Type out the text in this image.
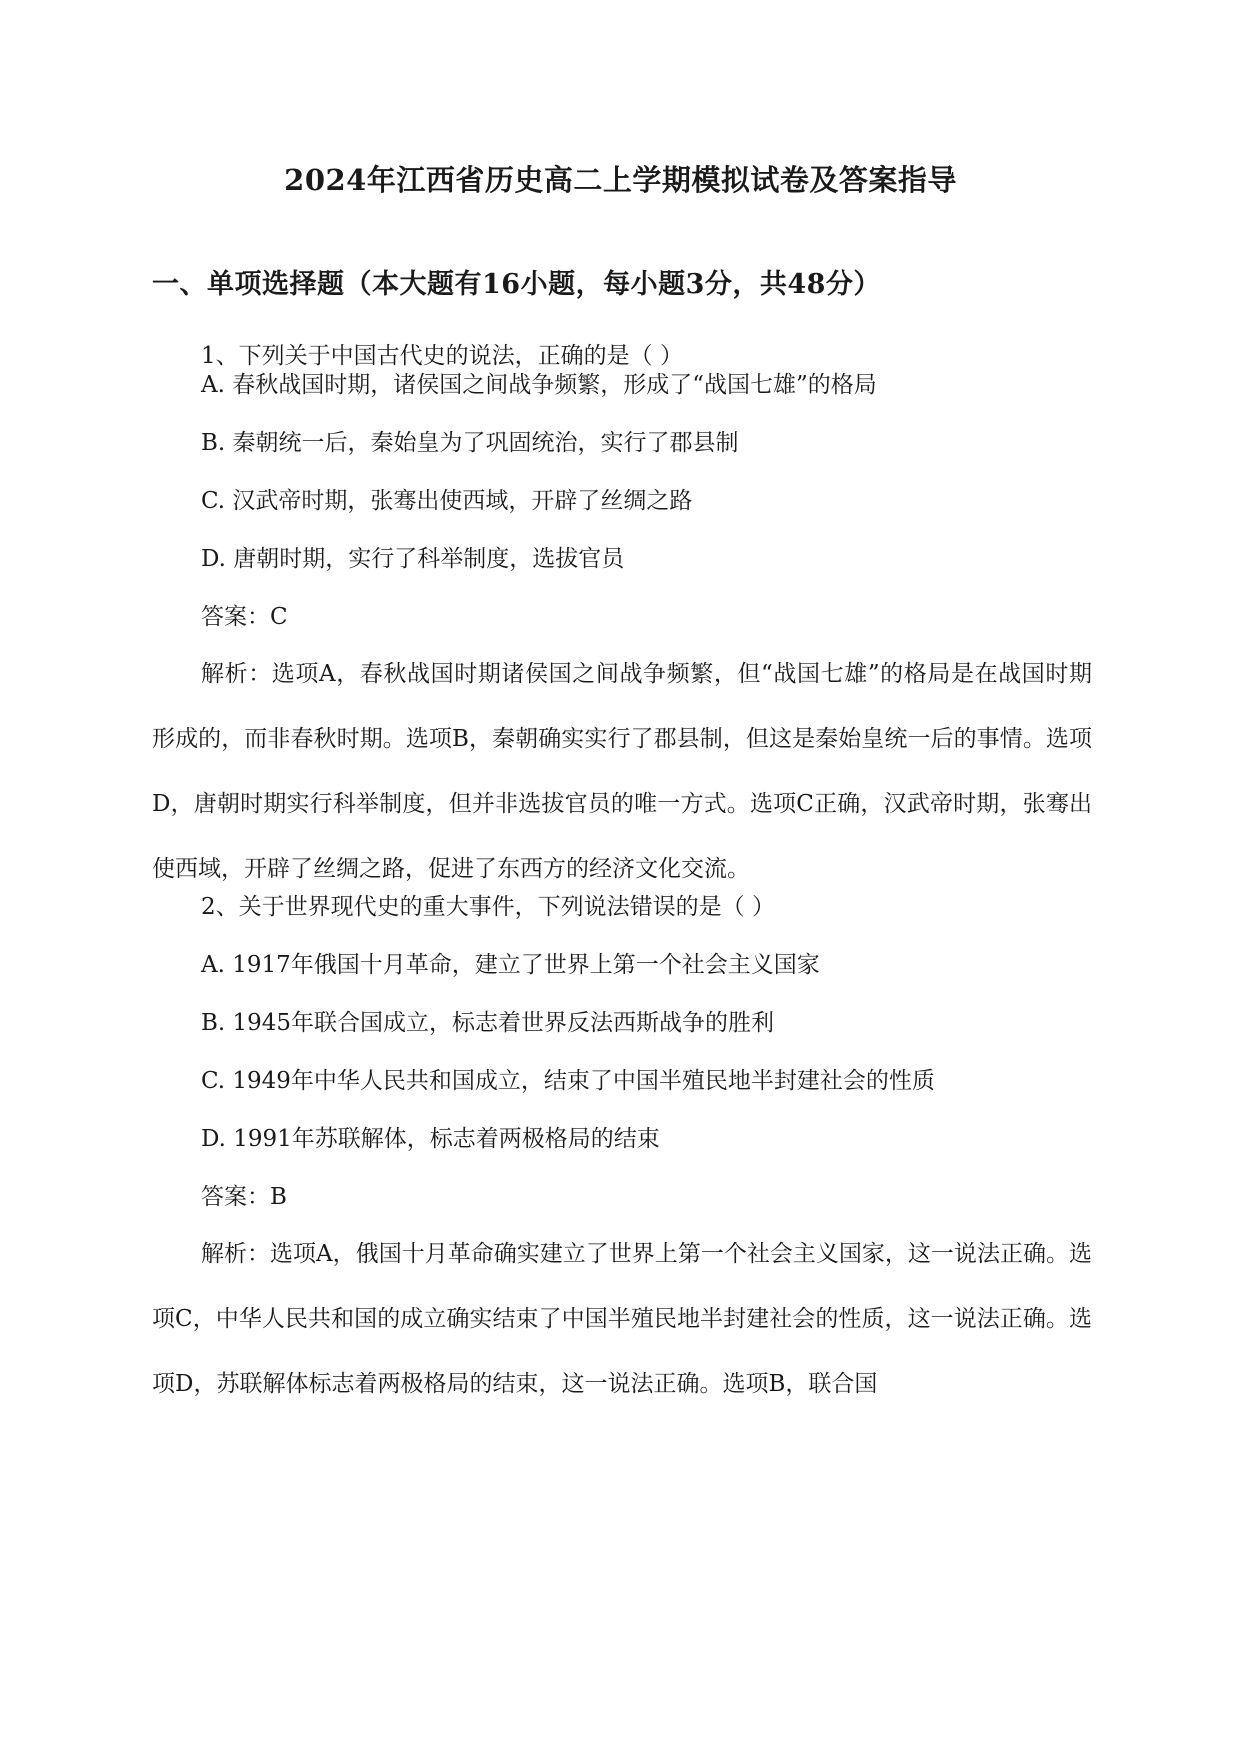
2024年江西省历史高二上学期模拟试卷及答案指导
一、单项选择题（本大题有16小题，每小题3分，共48分）
1、下列关于中国古代史的说法，正确的是（ ）
A. 春秋战国时期，诸侯国之间战争频繁，形成了“战国七雄”的格局
B. 秦朝统一后，秦始皇为了巩固统治，实行了郡县制
C. 汉武帝时期，张骞出使西域，开辟了丝绸之路
D. 唐朝时期，实行了科举制度，选拔官员
答案：C
解析：选项A，春秋战国时期诸侯国之间战争频繁，但“战国七雄”的格局是在战国时期形成的，而非春秋时期。选项B，秦朝确实实行了郡县制，但这是秦始皇统一后的事情。选项D，唐朝时期实行科举制度，但并非选拔官员的唯一方式。选项C正确，汉武帝时期，张骞出使西域，开辟了丝绸之路，促进了东西方的经济文化交流。
2、关于世界现代史的重大事件，下列说法错误的是（ ）
A. 1917年俄国十月革命，建立了世界上第一个社会主义国家
B. 1945年联合国成立，标志着世界反法西斯战争的胜利
C. 1949年中华人民共和国成立，结束了中国半殖民地半封建社会的性质
D. 1991年苏联解体，标志着两极格局的结束
答案：B
解析：选项A，俄国十月革命确实建立了世界上第一个社会主义国家，这一说法正确。选项C，中华人民共和国的成立确实结束了中国半殖民地半封建社会的性质，这一说法正确。选项D，苏联解体标志着两极格局的结束，这一说法正确。选项B，联合国
